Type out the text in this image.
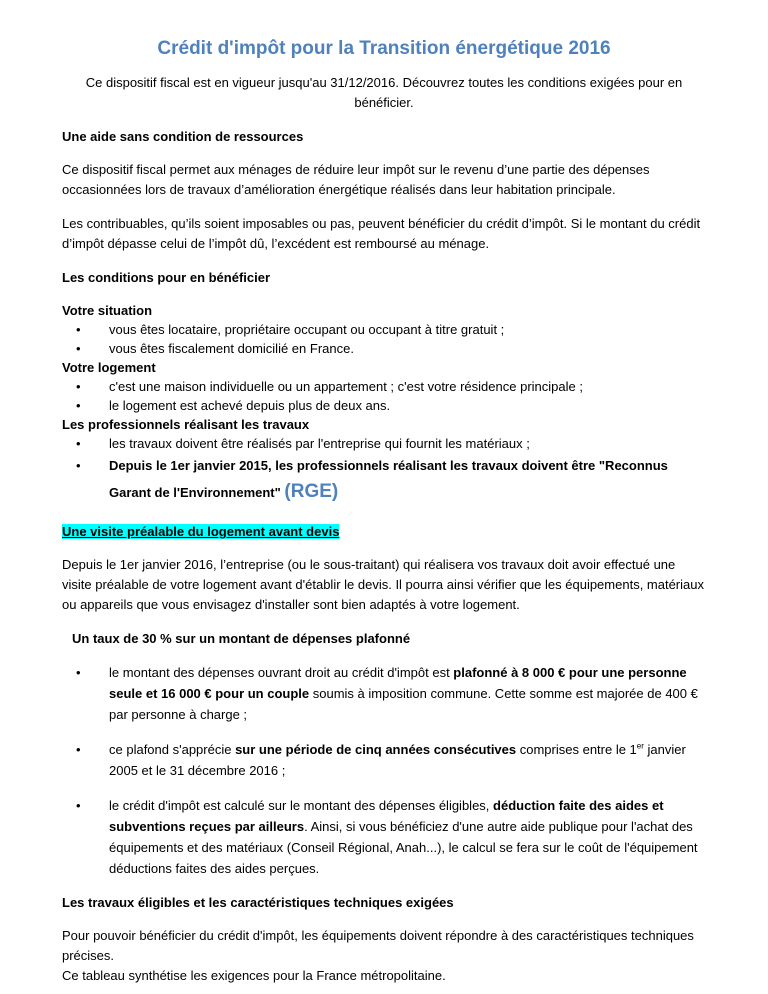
Crédit d'impôt pour la Transition énergétique 2016

Ce dispositif fiscal est en vigueur jusqu'au 31/12/2016. Découvrez toutes les conditions exigées pour en bénéficier.

Une aide sans condition de ressources

Ce dispositif fiscal permet aux ménages de réduire leur impôt sur le revenu d’une partie des dépenses occasionnées lors de travaux d’amélioration énergétique réalisés dans leur habitation principale.

Les contribuables, qu’ils soient imposables ou pas, peuvent bénéficier du crédit d’impôt. Si le montant du crédit d’impôt dépasse celui de l’impôt dû, l’excédent est remboursé au ménage.

Les conditions pour en bénéficier

Votre situation

• vous êtes locataire, propriétaire occupant ou occupant à titre gratuit ;
• vous êtes fiscalement domicilié en France.

Votre logement

• c'est une maison individuelle ou un appartement ; c'est votre résidence principale ;
• le logement est achevé depuis plus de deux ans.

Les professionnels réalisant les travaux

• les travaux doivent être réalisés par l'entreprise qui fournit les matériaux ;
• Depuis le 1er janvier 2015, les professionnels réalisant les travaux doivent être "Reconnus Garant de l'Environnement" (RGE)

Une visite préalable du logement avant devis

Depuis le 1er janvier 2016, l’entreprise (ou le sous-traitant) qui réalisera vos travaux doit avoir effectué une visite préalable de votre logement avant d'établir le devis. Il pourra ainsi vérifier que les équipements, matériaux ou appareils que vous envisagez d'installer sont bien adaptés à votre logement.

Un taux de 30 % sur un montant de dépenses plafonné

• le montant des dépenses ouvrant droit au crédit d'impôt est plafonné à 8 000 € pour une personne seule et 16 000 € pour un couple soumis à imposition commune. Cette somme est majorée de 400 € par personne à charge ;
• ce plafond s'apprécie sur une période de cinq années consécutives comprises entre le 1er janvier 2005 et le 31 décembre 2016 ;
• le crédit d'impôt est calculé sur le montant des dépenses éligibles, déduction faite des aides et subventions reçues par ailleurs. Ainsi, si vous bénéficiez d'une autre aide publique pour l'achat des équipements et des matériaux (Conseil Régional, Anah...), le calcul se fera sur le coût de l'équipement déductions faites des aides perçues.

Les travaux éligibles et les caractéristiques techniques exigées

Pour pouvoir bénéficier du crédit d'impôt, les équipements doivent répondre à des caractéristiques techniques précises.

Ce tableau synthétise les exigences pour la France métropolitaine.
